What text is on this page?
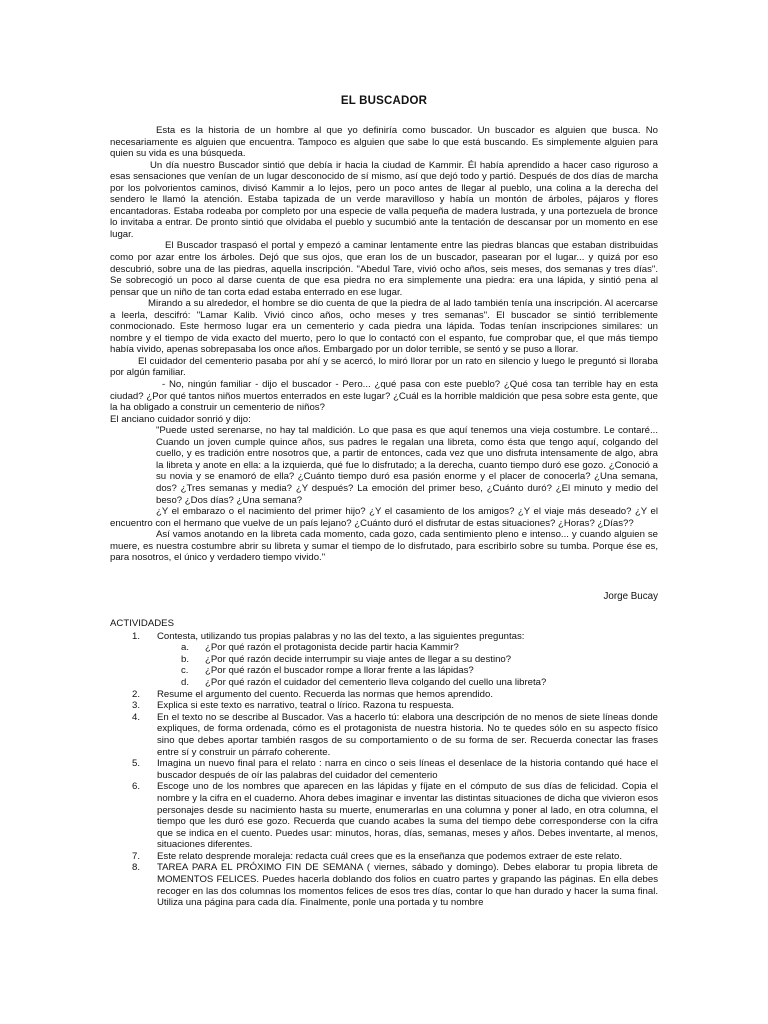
EL BUSCADOR

Esta es la historia de un hombre al que yo definiría como buscador. Un buscador es alguien que busca. No necesariamente es alguien que encuentra. Tampoco es alguien que sabe lo que está buscando. Es simplemente alguien para quien su vida es una búsqueda.

Un día nuestro Buscador sintió que debía ir hacia la ciudad de Kammir. Él había aprendido a hacer caso riguroso a esas sensaciones que venían de un lugar desconocido de sí mismo, así que dejó todo y partió. Después de dos días de marcha por los polvorientos caminos, divisó Kammir a lo lejos, pero un poco antes de llegar al pueblo, una colina a la derecha del sendero le llamó la atención. Estaba tapizada de un verde maravilloso y había un montón de árboles, pájaros y flores encantadoras. Estaba rodeaba por completo por una especie de valla pequeña de madera lustrada, y una portezuela de bronce lo invitaba a entrar. De pronto sintió que olvidaba el pueblo y sucumbió ante la tentación de descansar por un momento en ese lugar.

El Buscador traspasó el portal y empezó a caminar lentamente entre las piedras blancas que estaban distribuidas como por azar entre los árboles. Dejó que sus ojos, que eran los de un buscador, pasearan por el lugar... y quizá por eso descubrió, sobre una de las piedras, aquella inscripción. "Abedul Tare, vivió ocho años, seis meses, dos semanas y tres días". Se sobrecogió un poco al darse cuenta de que esa piedra no era simplemente una piedra: era una lápida, y sintió pena al pensar que un niño de tan corta edad estaba enterrado en ese lugar.

Mirando a su alrededor, el hombre se dio cuenta de que la piedra de al lado también tenía una inscripción. Al acercarse a leerla, descifró: "Lamar Kalib. Vivió cinco años, ocho meses y tres semanas". El buscador se sintió terriblemente conmocionado. Este hermoso lugar era un cementerio y cada piedra una lápida. Todas tenían inscripciones similares: un nombre y el tiempo de vida exacto del muerto, pero lo que lo contactó con el espanto, fue comprobar que, el que más tiempo había vivido, apenas sobrepasaba los once años. Embargado por un dolor terrible, se sentó y se puso a llorar.

El cuidador del cementerio pasaba por ahí y se acercó, lo miró llorar por un rato en silencio y luego le preguntó si lloraba por algún familiar.

- No, ningún familiar - dijo el buscador - Pero... ¿qué pasa con este pueblo? ¿Qué cosa tan terrible hay en esta ciudad? ¿Por qué tantos niños muertos enterrados en este lugar? ¿Cuál es la horrible maldición que pesa sobre esta gente, que la ha obligado a construir un cementerio de niños?

El anciano cuidador sonrió y dijo:

"Puede usted serenarse, no hay tal maldición. Lo que pasa es que aquí tenemos una vieja costumbre. Le contaré... Cuando un joven cumple quince años, sus padres le regalan una libreta, como ésta que tengo aquí, colgando del cuello, y es tradición entre nosotros que, a partir de entonces, cada vez que uno disfruta intensamente de algo, abra la libreta y anote en ella: a la izquierda, qué fue lo disfrutado; a la derecha, cuanto tiempo duró ese gozo. ¿Conoció a su novia y se enamoró de ella? ¿Cuánto tiempo duró esa pasión enorme y el placer de conocerla? ¿Una semana, dos? ¿Tres semanas y media? ¿Y después? La emoción del primer beso, ¿Cuánto duró? ¿El minuto y medio del beso? ¿Dos días? ¿Una semana?

¿Y el embarazo o el nacimiento del primer hijo? ¿Y el casamiento de los amigos? ¿Y el viaje más deseado? ¿Y el encuentro con el hermano que vuelve de un país lejano? ¿Cuánto duró el disfrutar de estas situaciones? ¿Horas? ¿Días??

Así vamos anotando en la libreta cada momento, cada gozo, cada sentimiento pleno e intenso... y cuando alguien se muere, es nuestra costumbre abrir su libreta y sumar el tiempo de lo disfrutado, para escribirlo sobre su tumba. Porque ése es, para nosotros, el único y verdadero tiempo vivido."

Jorge Bucay
ACTIVIDADES
1. Contesta, utilizando tus propias palabras y no las del texto, a las siguientes preguntas:
a. ¿Por qué razón el protagonista decide partir hacia Kammir?
b. ¿Por qué razón decide interrumpir su viaje antes de llegar a su destino?
c. ¿Por qué razón el buscador rompe a llorar frente a las lápidas?
d. ¿Por qué razón el cuidador del cementerio lleva colgando del cuello una libreta?
2. Resume el argumento del cuento. Recuerda las normas que hemos aprendido.
3. Explica si este texto es narrativo, teatral o lírico. Razona tu respuesta.
4. En el texto no se describe al Buscador. Vas a hacerlo tú: elabora una descripción de no menos de siete líneas donde expliques, de forma ordenada, cómo es el protagonista de nuestra historia. No te quedes sólo en su aspecto físico sino que debes aportar también rasgos de su comportamiento o de su forma de ser. Recuerda conectar las frases entre sí y construir un párrafo coherente.
5. Imagina un nuevo final para el relato : narra en cinco o seis líneas el desenlace de la historia contando qué hace el buscador después de oír las palabras del cuidador del cementerio
6. Escoge uno de los nombres que aparecen en las lápidas y fíjate en el cómputo de sus días de felicidad. Copia el nombre y la cifra en el cuaderno. Ahora debes imaginar e inventar las distintas situaciones de dicha que vivieron esos personajes desde su nacimiento hasta su muerte, enumerarlas en una columna y poner al lado, en otra columna, el tiempo que les duró ese gozo. Recuerda que cuando acabes la suma del tiempo debe corresponderse con la cifra que se indica en el cuento. Puedes usar: minutos, horas, días, semanas, meses y años. Debes inventarte, al menos, situaciones diferentes.
7. Este relato desprende moraleja: redacta cuál crees que es la enseñanza que podemos extraer de este relato.
8. TAREA PARA EL PRÓXIMO FIN DE SEMANA ( viernes, sábado y domingo). Debes elaborar tu propia libreta de MOMENTOS FELICES. Puedes hacerla doblando dos folios en cuatro partes y grapando las páginas. En ella debes recoger en las dos columnas los momentos felices de esos tres días, contar lo que han durado y hacer la suma final. Utiliza una página para cada día. Finalmente, ponle una portada y tu nombre
